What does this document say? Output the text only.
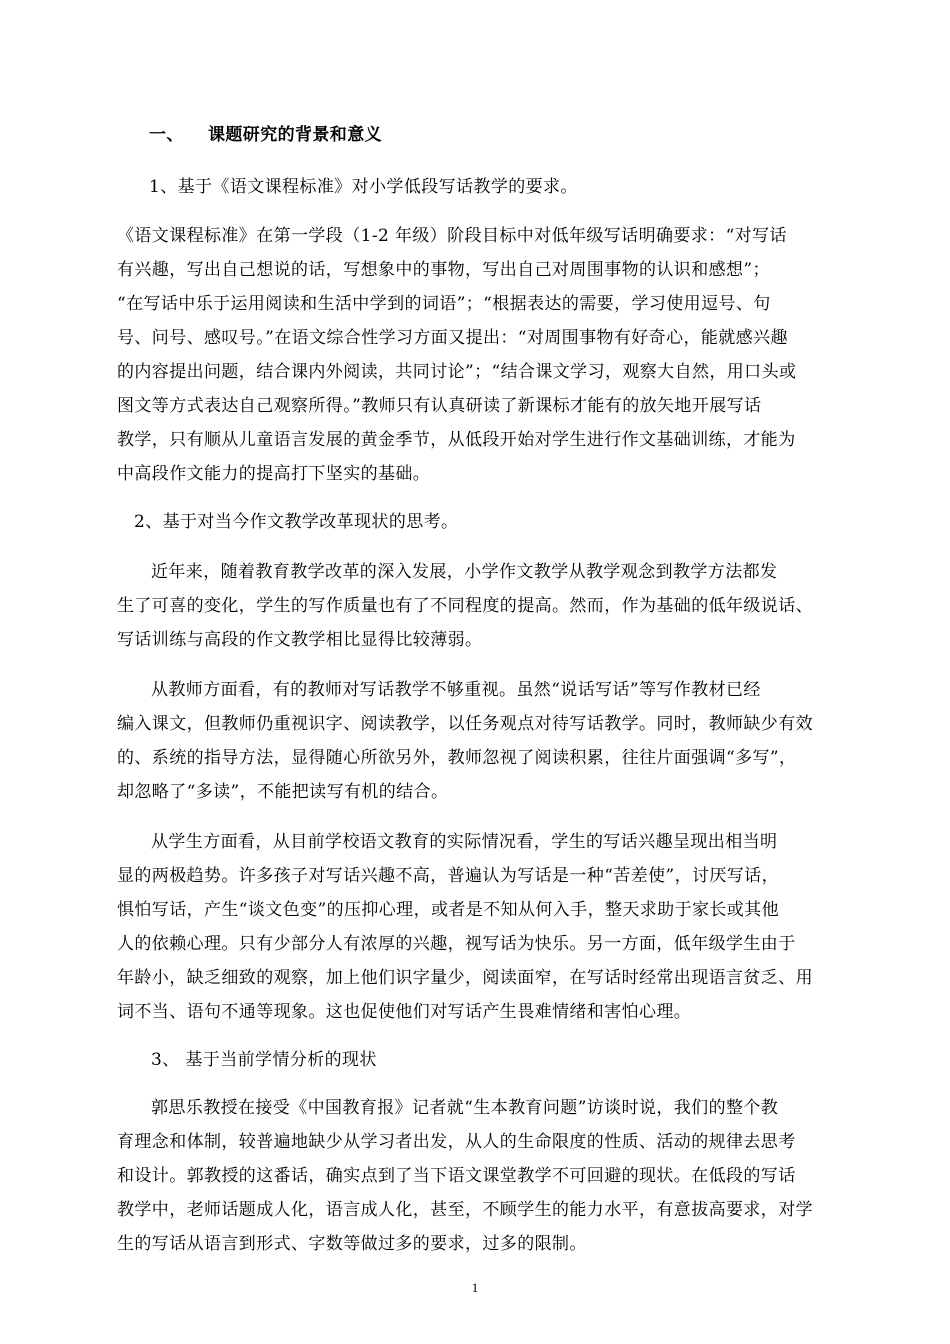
一、 课题研究的背景和意义
1、基于《语文课程标准》对小学低段写话教学的要求。
《语文课程标准》在第一学段（1-2 年级）阶段目标中对低年级写话明确要求：“对写话
有兴趣，写出自己想说的话，写想象中的事物，写出自己对周围事物的认识和感想”；
“在写话中乐于运用阅读和生活中学到的词语”；“根据表达的需要，学习使用逗号、句
号、问号、感叹号。”在语文综合性学习方面又提出：“对周围事物有好奇心，能就感兴趣
的内容提出问题，结合课内外阅读，共同讨论”；“结合课文学习，观察大自然，用口头或
图文等方式表达自己观察所得。”教师只有认真研读了新课标才能有的放矢地开展写话
教学，只有顺从儿童语言发展的黄金季节，从低段开始对学生进行作文基础训练，才能为
中高段作文能力的提高打下坚实的基础。
2、基于对当今作文教学改革现状的思考。
近年来，随着教育教学改革的深入发展，小学作文教学从教学观念到教学方法都发
生了可喜的变化，学生的写作质量也有了不同程度的提高。然而，作为基础的低年级说话、
写话训练与高段的作文教学相比显得比较薄弱。
从教师方面看，有的教师对写话教学不够重视。虽然“说话写话”等写作教材已经
编入课文，但教师仍重视识字、阅读教学，以任务观点对待写话教学。同时，教师缺少有效
的、系统的指导方法，显得随心所欲另外，教师忽视了阅读积累，往往片面强调“多写”，
却忽略了“多读”，不能把读写有机的结合。
从学生方面看，从目前学校语文教育的实际情况看，学生的写话兴趣呈现出相当明
显的两极趋势。许多孩子对写话兴趣不高，普遍认为写话是一种“苦差使”，讨厌写话，
惧怕写话，产生“谈文色变”的压抑心理，或者是不知从何入手，整天求助于家长或其他
人的依赖心理。只有少部分人有浓厚的兴趣，视写话为快乐。另一方面，低年级学生由于
年龄小，缺乏细致的观察，加上他们识字量少，阅读面窄，在写话时经常出现语言贫乏、用
词不当、语句不通等现象。这也促使他们对写话产生畏难情绪和害怕心理。
3、 基于当前学情分析的现状
郭思乐教授在接受《中国教育报》记者就“生本教育问题”访谈时说，我们的整个教
育理念和体制，较普遍地缺少从学习者出发，从人的生命限度的性质、活动的规律去思考
和设计。郭教授的这番话，确实点到了当下语文课堂教学不可回避的现状。在低段的写话
教学中，老师话题成人化，语言成人化，甚至，不顾学生的能力水平，有意拔高要求，对学
生的写话从语言到形式、字数等做过多的要求，过多的限制。
1
